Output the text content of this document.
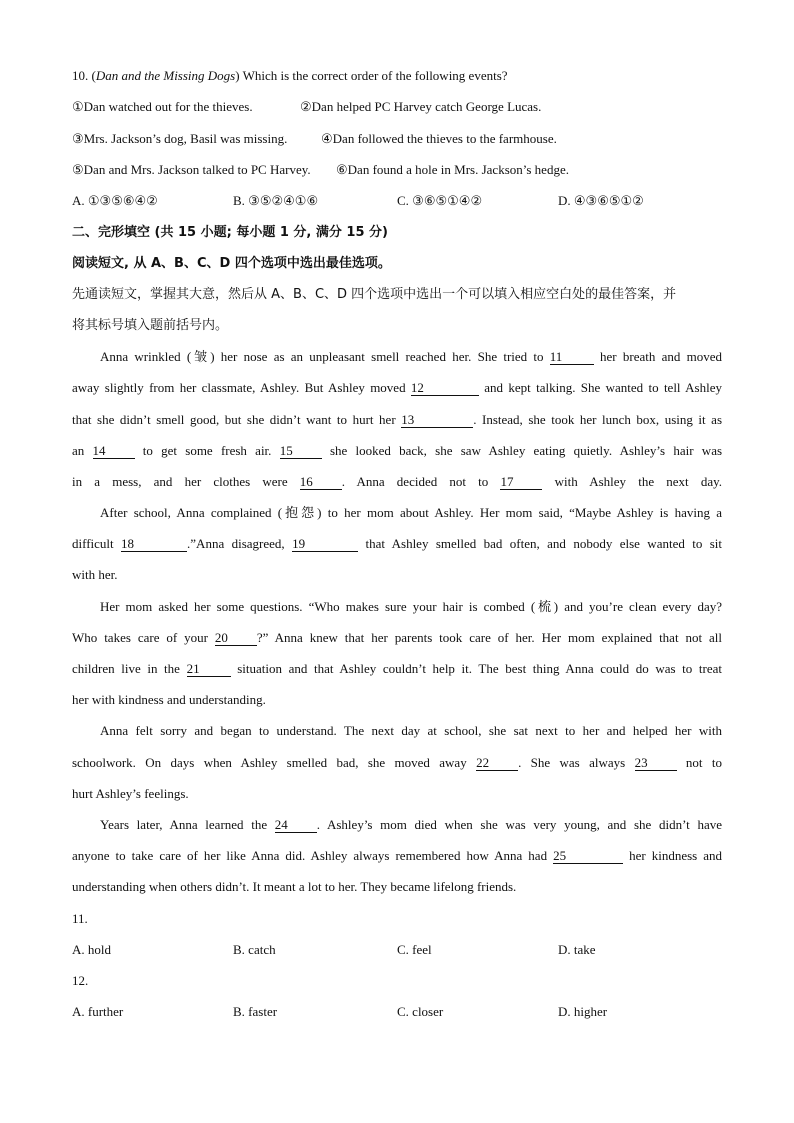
10. (Dan and the Missing Dogs) Which is the correct order of the following events?
①Dan watched out for the thieves.	②Dan helped PC Harvey catch George Lucas.
③Mrs. Jackson’s dog, Basil was missing.	④Dan followed the thieves to the farmhouse.
⑤Dan and Mrs. Jackson talked to PC Harvey. ⑥Dan found a hole in Mrs. Jackson’s hedge.
A. ①③⑤⑥④②	B. ③⑤②④①⑥	C. ③⑥⑤①④②	D. ④③⑥⑤①②
二、完形填空 (共 15 小题; 每小题 1 分, 满分 15 分)
阅读短文, 从 A、B、C、D 四个选项中选出最佳选项。
先通读短文，掌握其大意，然后从 A、B、C、D 四个选项中选出一个可以填入相应空白处的最佳答案，并
将其标号填入题前括号内。
Anna wrinkled (皱) her nose as an unpleasant smell reached her. She tried to 11	her breath and moved
away slightly from her classmate, Ashley. But Ashley moved 12	and kept talking. She wanted to tell Ashley
that she didn’t smell good, but she didn’t want to hurt her 13	. Instead, she took her lunch box, using it as
an 14	to get some fresh air. 15	she looked back, she saw Ashley eating quietly. Ashley’s hair was
in a mess, and her clothes were 16 . Anna decided not to 17	with Ashley the next day.
After school, Anna complained (抱怨) to her mom about Ashley. Her mom said, “Maybe Ashley is having a
difficult 18	.”Anna disagreed, 19	that Ashley smelled bad often, and nobody else wanted to sit
with her.
Her mom asked her some questions. “Who makes sure your hair is combed (梳) and you’re clean every day?
Who takes care of your 20 ?” Anna knew that her parents took care of her. Her mom explained that not all
children live in the 21	situation and that Ashley couldn’t help it. The best thing Anna could do was to treat
her with kindness and understanding.
Anna felt sorry and began to understand. The next day at school, she sat next to her and helped her with
schoolwork. On days when Ashley smelled bad, she moved away 22 . She was always 23	not to
hurt Ashley’s feelings.
Years later, Anna learned the 24 . Ashley’s mom died when she was very young, and she didn’t have
anyone to take care of her like Anna did. Ashley always remembered how Anna had 25	her kindness and
understanding when others didn’t. It meant a lot to her. They became lifelong friends.
11.
A. hold	B. catch	C. feel	D. take
12.
A. further	B. faster	C. closer	D. higher
